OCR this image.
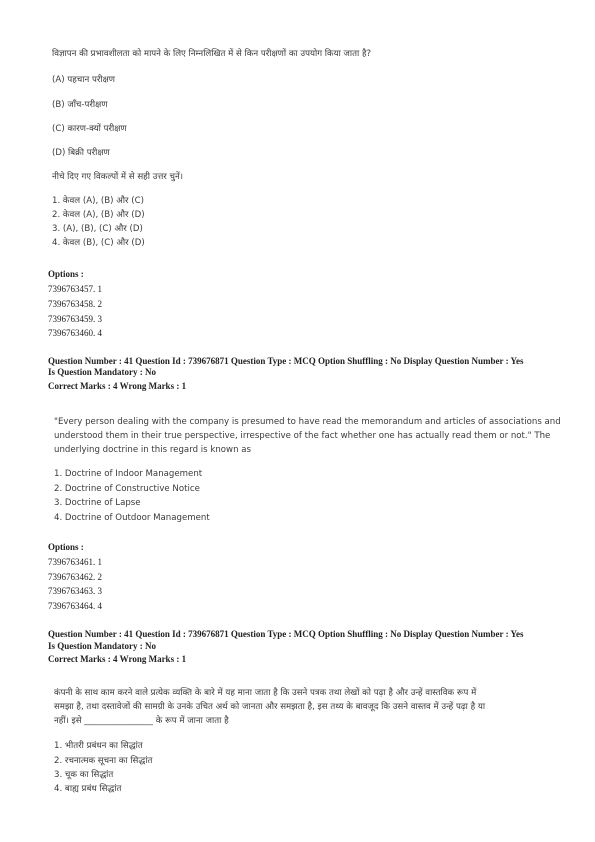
विज्ञापन की प्रभावशीलता को मापने के लिए निम्नलिखित में से किन परीक्षणों का उपयोग किया जाता है?
(A) पहचान परीक्षण
(B) जाँच-परीक्षण
(C) कारण-क्यों परीक्षण
(D) बिक्री परीक्षण
नीचे दिए गए विकल्पों में से सही उत्तर चुनें।
1. केवल (A), (B) और (C)
2. केवल (A), (B) और (D)
3. (A), (B), (C) और (D)
4. केवल (B), (C) और (D)
Options :
7396763457. 1
7396763458. 2
7396763459. 3
7396763460. 4
Question Number : 41 Question Id : 739676871 Question Type : MCQ Option Shuffling : No Display Question Number : Yes
Is Question Mandatory : No
Correct Marks : 4 Wrong Marks : 1
"Every person dealing with the company is presumed to have read the memorandum and articles of associations and
understood them in their true perspective, irrespective of the fact whether one has actually read them or not." The
underlying doctrine in this regard is known as
1. Doctrine of Indoor Management
2. Doctrine of Constructive Notice
3. Doctrine of Lapse
4. Doctrine of Outdoor Management
Options :
7396763461. 1
7396763462. 2
7396763463. 3
7396763464. 4
Question Number : 41 Question Id : 739676871 Question Type : MCQ Option Shuffling : No Display Question Number : Yes
Is Question Mandatory : No
Correct Marks : 4 Wrong Marks : 1
कंपनी के साथ काम करने वाले प्रत्येक व्यक्ति के बारे में यह माना जाता है कि उसने पत्रक तथा लेखों को पढ़ा है और उन्हें वास्तविक रूप में
समझा है, तथा दस्तावेजों की सामग्री के उनके उचित अर्थ को जानता और समझता है, इस तथ्य के बावजूद कि उसने वास्तव में उन्हें पढ़ा है या
नहीं। इसे ________________ के रूप में जाना जाता है
1. भीतरी प्रबंधन का सिद्धांत
2. रचनात्मक सूचना का सिद्धांत
3. चूक का सिद्धांत
4. बाह्य प्रबंध सिद्धांत
